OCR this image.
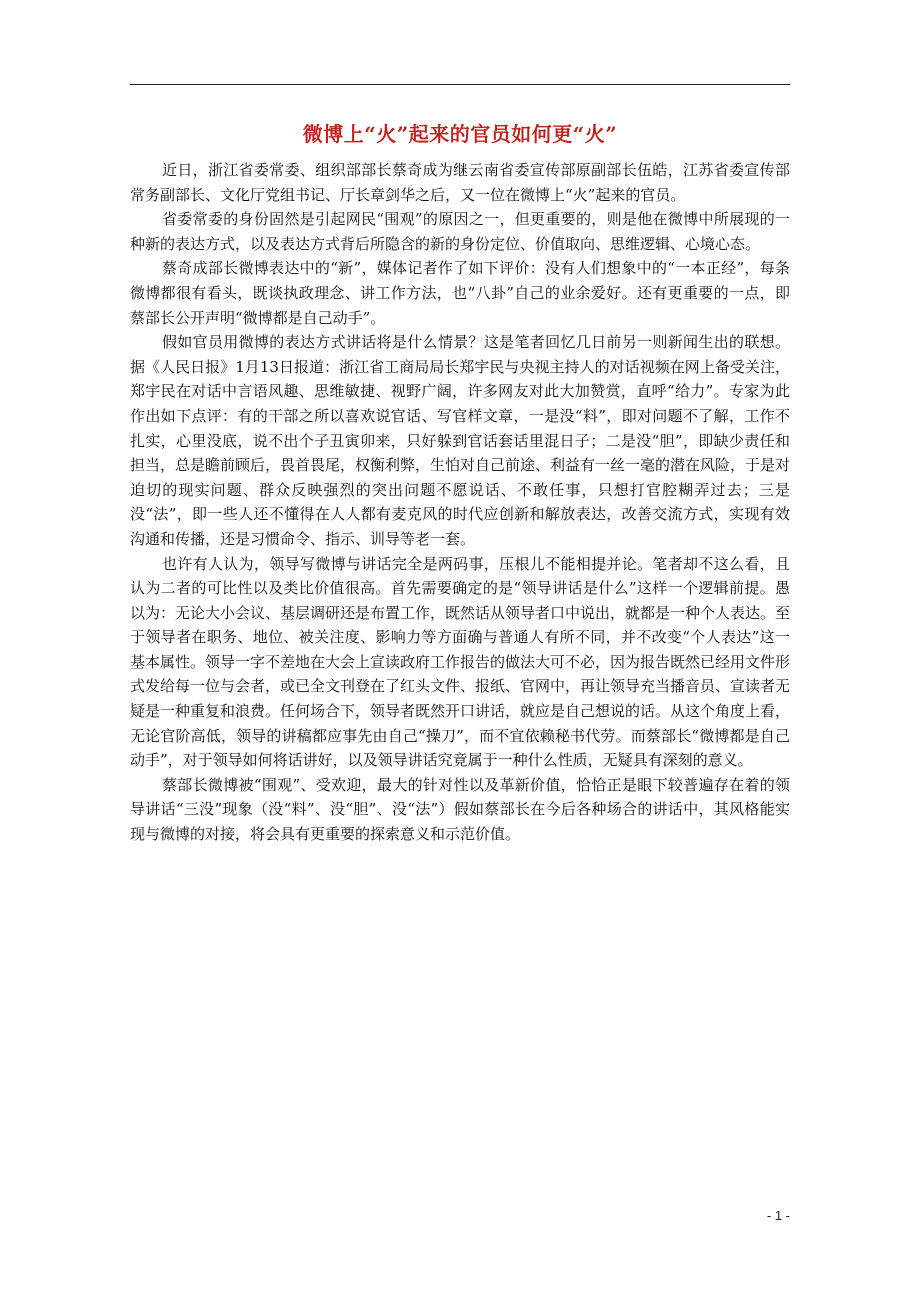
微博上“火”起来的官员如何更“火”

近日，浙江省委常委、组织部部长蔡奇成为继云南省委宣传部原副部长伍皓，江苏省委宣传部常务副部长、文化厅党组书记、厅长章剑华之后，又一位在微博上“火”起来的官员。

省委常委的身份固然是引起网民“围观”的原因之一，但更重要的，则是他在微博中所展现的一种新的表达方式，以及表达方式背后所隐含的新的身份定位、价值取向、思维逻辑、心境心态。

蔡奇成部长微博表达中的“新”，媒体记者作了如下评价：没有人们想象中的“一本正经”，每条微博都很有看头，既谈执政理念、讲工作方法，也“八卦”自己的业余爱好。还有更重要的一点，即蔡部长公开声明“微博都是自己动手”。

假如官员用微博的表达方式讲话将是什么情景？这是笔者回忆几日前另一则新闻生出的联想。据《人民日报》1月13日报道：浙江省工商局局长郑宇民与央视主持人的对话视频在网上备受关注，郑宇民在对话中言语风趣、思维敏捷、视野广阔，许多网友对此大加赞赏，直呼“给力”。专家为此作出如下点评：有的干部之所以喜欢说官话、写官样文章，一是没“料”，即对问题不了解，工作不扎实，心里没底，说不出个子丑寅卯来，只好躲到官话套话里混日子；二是没“胆”，即缺少责任和担当，总是瞻前顾后，畏首畏尾，权衡利弊，生怕对自己前途、利益有一丝一毫的潜在风险，于是对迫切的现实问题、群众反映强烈的突出问题不愿说话、不敢任事，只想打官腔糊弄过去；三是没“法”，即一些人还不懂得在人人都有麦克风的时代应创新和解放表达，改善交流方式，实现有效沟通和传播，还是习惯命令、指示、训导等老一套。

也许有人认为，领导写微博与讲话完全是两码事，压根儿不能相提并论。笔者却不这么看，且认为二者的可比性以及类比价值很高。首先需要确定的是“领导讲话是什么”这样一个逻辑前提。愚以为：无论大小会议、基层调研还是布置工作，既然话从领导者口中说出，就都是一种个人表达。至于领导者在职务、地位、被关注度、影响力等方面确与普通人有所不同，并不改变“个人表达”这一基本属性。领导一字不差地在大会上宣读政府工作报告的做法大可不必，因为报告既然已经用文件形式发给每一位与会者，或已全文刊登在了红头文件、报纸、官网中，再让领导充当播音员、宣读者无疑是一种重复和浪费。任何场合下，领导者既然开口讲话，就应是自己想说的话。从这个角度上看，无论官阶高低，领导的讲稿都应事先由自己“操刀”，而不宜依赖秘书代劳。而蔡部长“微博都是自己动手”，对于领导如何将话讲好，以及领导讲话究竟属于一种什么性质，无疑具有深刻的意义。

蔡部长微博被“围观”、受欢迎，最大的针对性以及革新价值，恰恰正是眼下较普遍存在着的领导讲话“三没”现象（没“料”、没“胆”、没“法”）假如蔡部长在今后各种场合的讲话中，其风格能实现与微博的对接，将会具有更重要的探索意义和示范价值。

- 1 -
